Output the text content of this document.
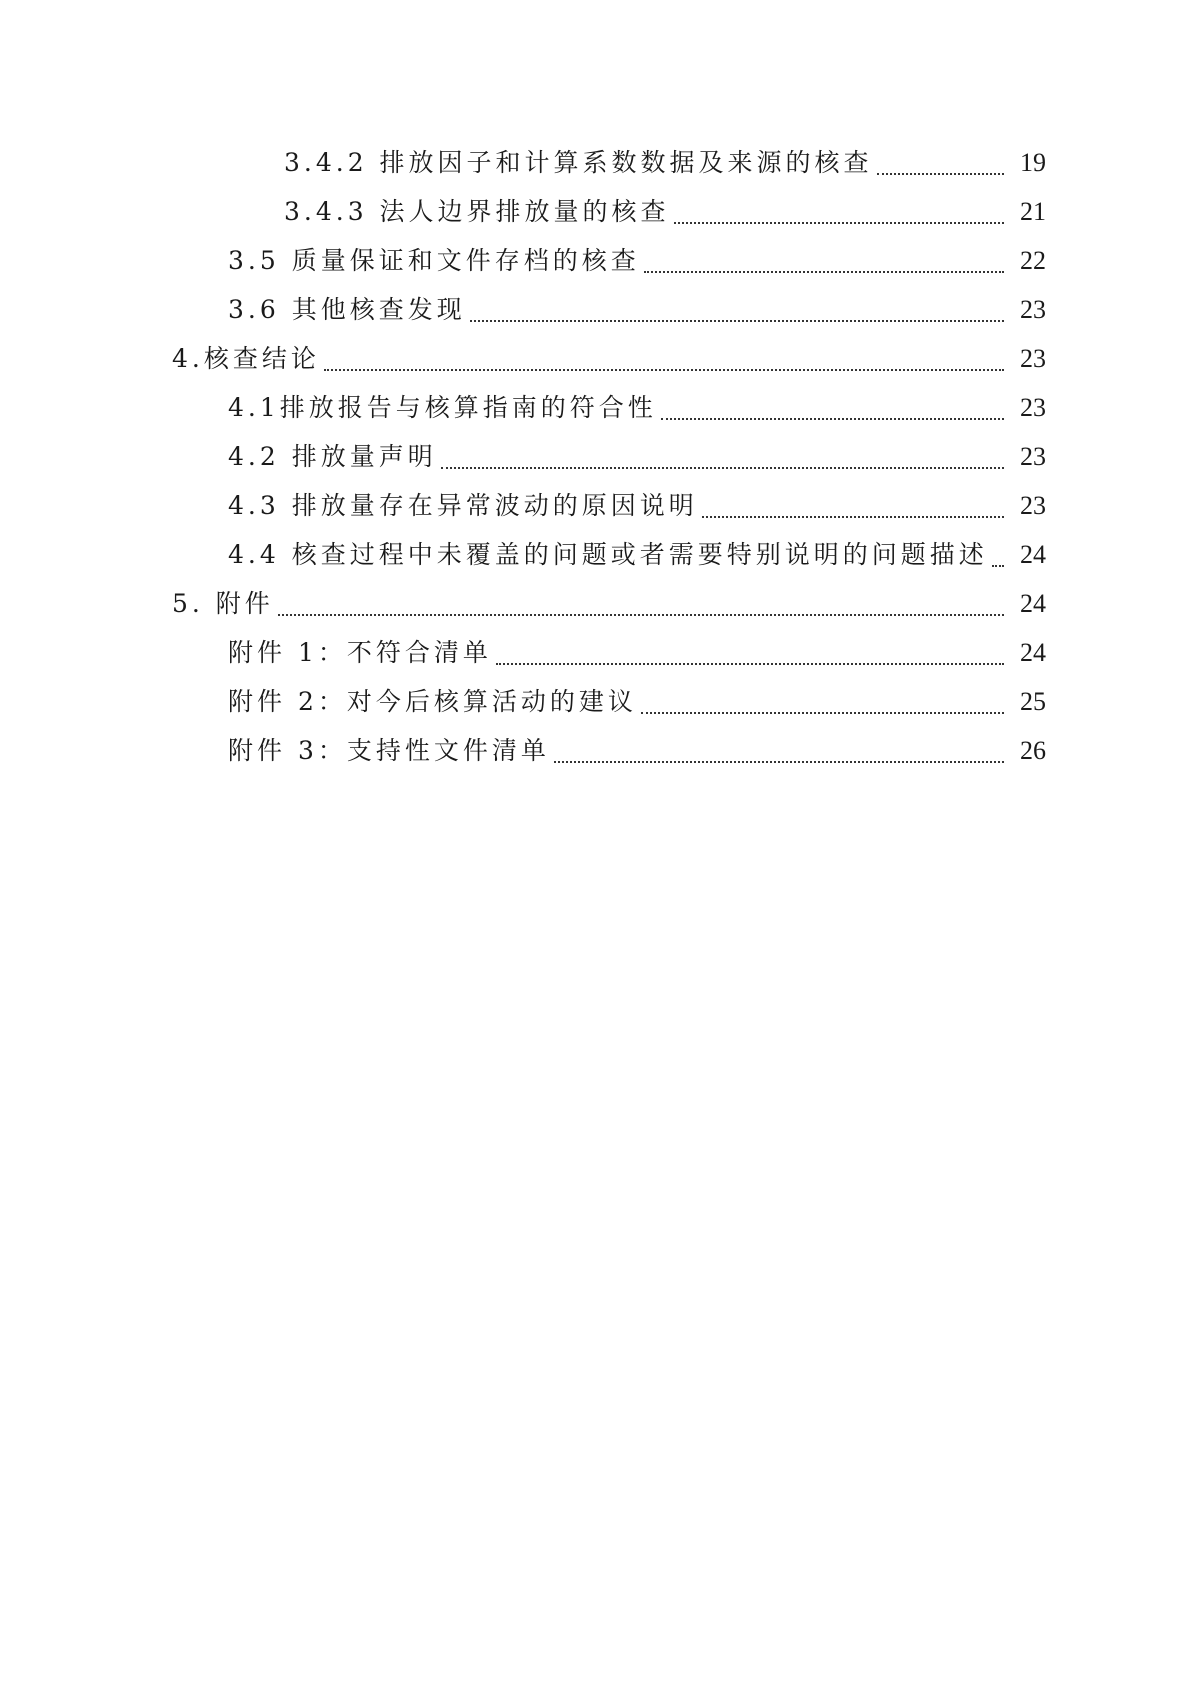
3.4.2 排放因子和计算系数数据及来源的核查	19
3.4.3 法人边界排放量的核查	21
3.5 质量保证和文件存档的核查	22
3.6 其他核查发现	23
4.核查结论	23
4.1排放报告与核算指南的符合性	23
4.2 排放量声明	23
4.3 排放量存在异常波动的原因说明	23
4.4 核查过程中未覆盖的问题或者需要特别说明的问题描述	24
5. 附件	24
附件 1：不符合清单	24
附件 2：对今后核算活动的建议	25
附件 3：支持性文件清单	26
